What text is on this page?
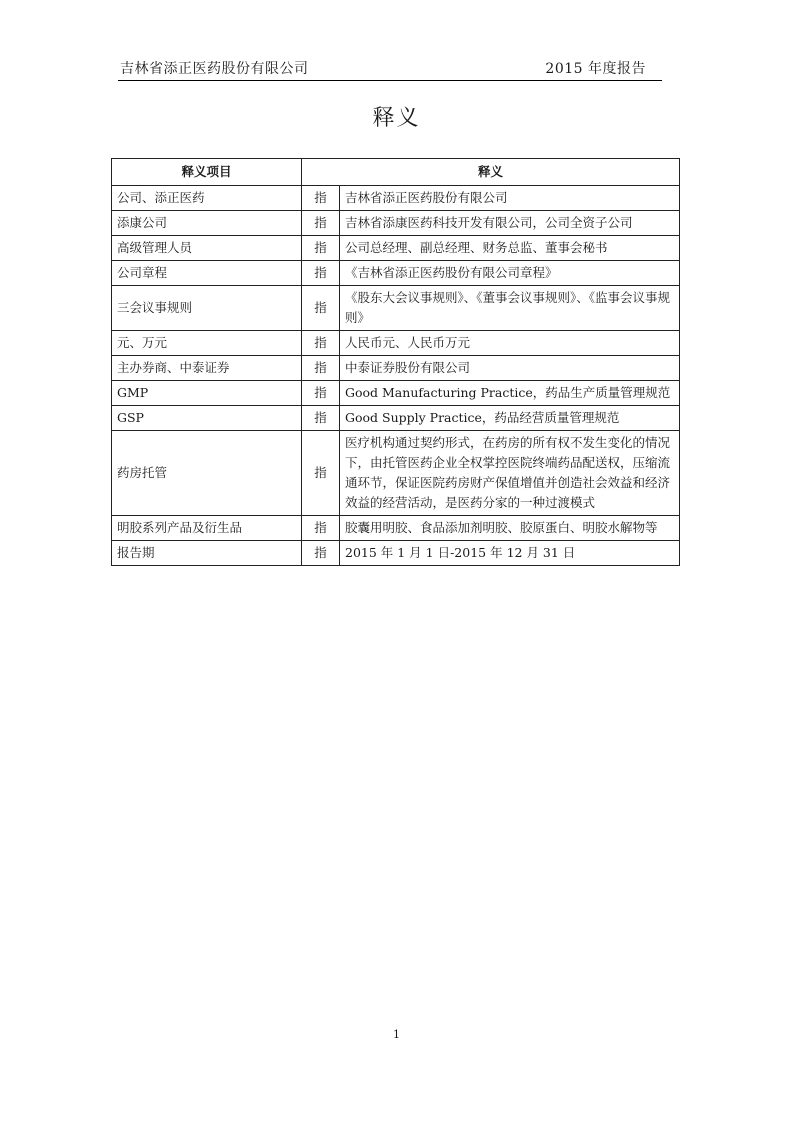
吉林省添正医药股份有限公司	2015 年度报告
释义
释义项目	释义	
公司、添正医药	指	吉林省添正医药股份有限公司
添康公司	指	吉林省添康医药科技开发有限公司，公司全资子公司
高级管理人员	指	公司总经理、副总经理、财务总监、董事会秘书
公司章程	指	《吉林省添正医药股份有限公司章程》
三会议事规则	指	《股东大会议事规则》、《董事会议事规则》、《监事会议事规则》
元、万元	指	人民币元、人民币万元
主办券商、中泰证券	指	中泰证券股份有限公司
GMP	指	Good Manufacturing Practice，药品生产质量管理规范
GSP	指	Good Supply Practice，药品经营质量管理规范
药房托管	指	医疗机构通过契约形式，在药房的所有权不发生变化的情况下，由托管医药企业全权掌控医院终端药品配送权，压缩流通环节，保证医院药房财产保值增值并创造社会效益和经济效益的经营活动，是医药分家的一种过渡模式
明胶系列产品及衍生品	指	胶囊用明胶、食品添加剂明胶、胶原蛋白、明胶水解物等
报告期	指	2015 年 1 月 1 日-2015 年 12 月 31 日
1
